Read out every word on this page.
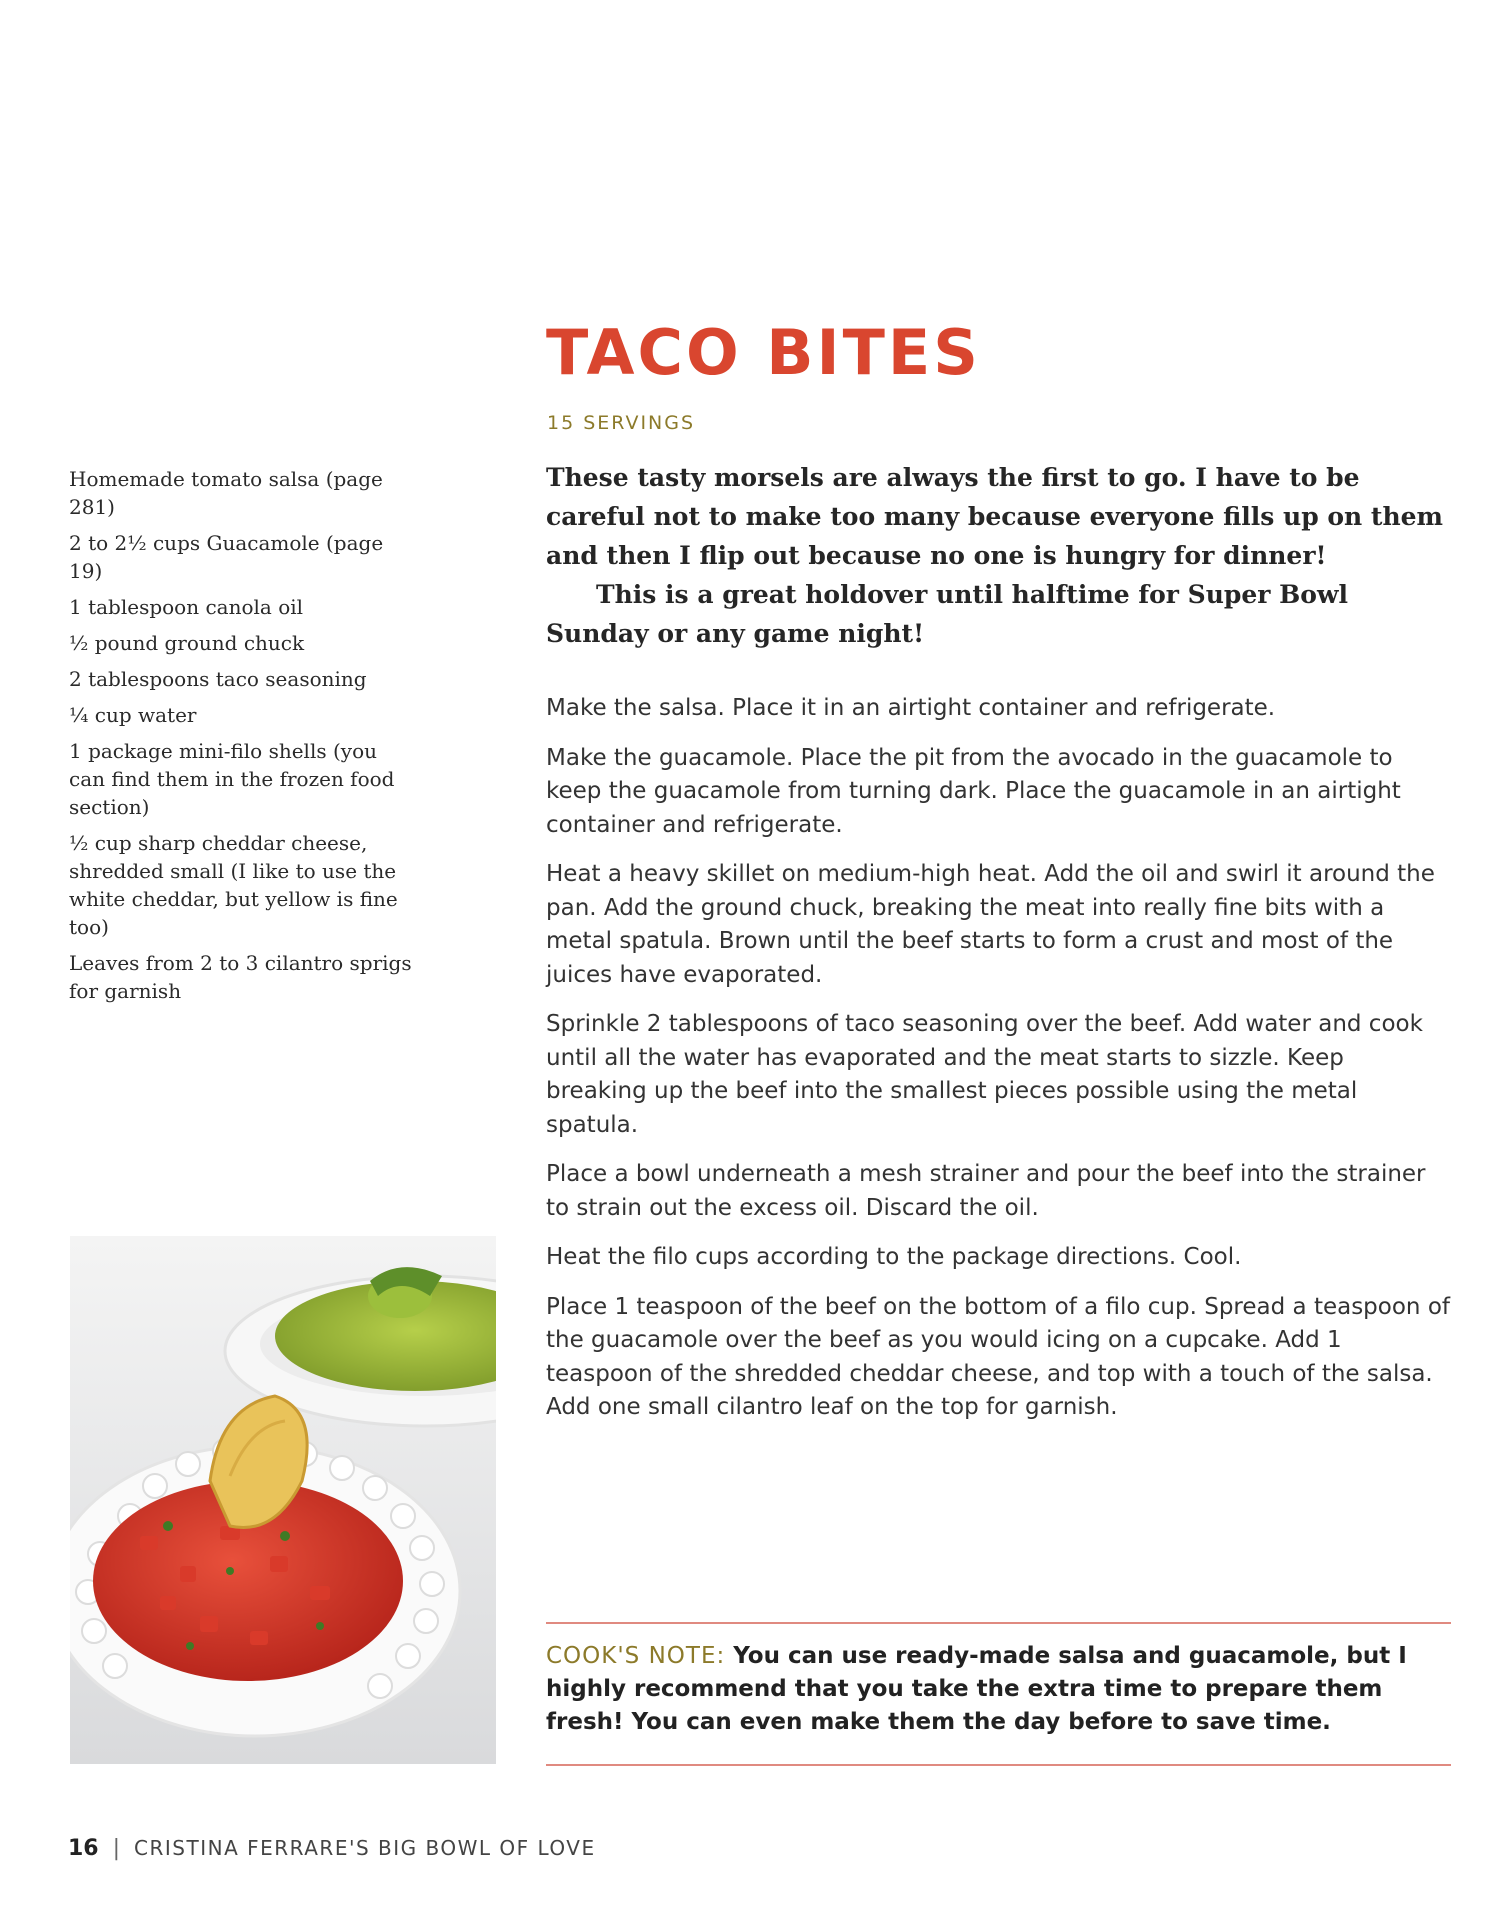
TACO BITES
15 SERVINGS

These tasty morsels are always the first to go. I have to be careful not to make too many because everyone fills up on them and then I flip out because no one is hungry for dinner!

This is a great holdover until halftime for Super Bowl Sunday or any game night!

Homemade tomato salsa (page 281)
2 to 2½ cups Guacamole (page 19)
1 tablespoon canola oil
½ pound ground chuck
2 tablespoons taco seasoning
¼ cup water
1 package mini-filo shells (you can find them in the frozen food section)
½ cup sharp cheddar cheese, shredded small (I like to use the white cheddar, but yellow is fine too)
Leaves from 2 to 3 cilantro sprigs for garnish

Make the salsa. Place it in an airtight container and refrigerate.

Make the guacamole. Place the pit from the avocado in the guacamole to keep the guacamole from turning dark. Place the guacamole in an airtight container and refrigerate.

Heat a heavy skillet on medium-high heat. Add the oil and swirl it around the pan. Add the ground chuck, breaking the meat into really fine bits with a metal spatula. Brown until the beef starts to form a crust and most of the juices have evaporated.

Sprinkle 2 tablespoons of taco seasoning over the beef. Add water and cook until all the water has evaporated and the meat starts to sizzle. Keep breaking up the beef into the smallest pieces possible using the metal spatula.

Place a bowl underneath a mesh strainer and pour the beef into the strainer to strain out the excess oil. Discard the oil.

Heat the filo cups according to the package directions. Cool.

Place 1 teaspoon of the beef on the bottom of a filo cup. Spread a teaspoon of the guacamole over the beef as you would icing on a cupcake. Add 1 teaspoon of the shredded cheddar cheese, and top with a touch of the salsa. Add one small cilantro leaf on the top for garnish.

COOK'S NOTE: You can use ready-made salsa and guacamole, but I highly recommend that you take the extra time to prepare them fresh! You can even make them the day before to save time.
16 | CRISTINA FERRARE'S BIG BOWL OF LOVE
